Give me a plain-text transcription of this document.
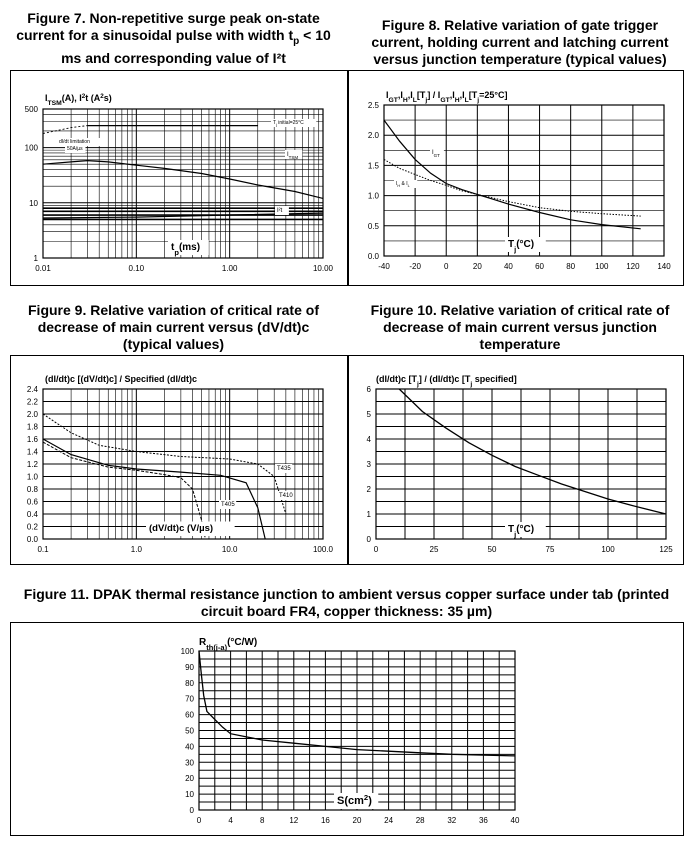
Figure 7. Non-repetitive surge peak on-state
current for a sinusoidal pulse with width $t_p < 10$
ms and corresponding value of I²t
Figure 8. Relative variation of gate trigger
current, holding current and latching current
versus junction temperature (typical values)
Figure 9. Relative variation of critical rate of
decrease of main current versus (dV/dt)c
(typical values)
Figure 10. Relative variation of critical rate of
decrease of main current versus junction
temperature
Figure 11. DPAK thermal resistance junction to ambient versus copper surface under tab (printed
circuit board FR4, copper thickness: 35 µm)
0.01	0.10	1.00	10.00
1
10
100
500
$I_{TSM}(A)$, $I^2t$ $(A^2s)$
$t_p(ms)$
$T_j$ initial=25°C
dI/dt limitation
50A/µs
$I_{TSM}$
I²t
-40 -20	0	20	40	60	80 100 120 140
0.0
0.5
1.0
1.5
2.0
2.5
$I_{GT},I_H,I_L[T_j] / I_{GT},I_H,I_L[T_j=25^\circ C]$
$T_j(^\circ C)$
$I_{GT}$
$I_H$ & $I_L$
0.1	1.0	10.0	100.0
0.0
0.2
0.4
0.6
0.8
1.0
1.2
1.4
1.6
1.8
2.0
2.2
2.4
(dI/dt)c [(dV/dt)c] / Specified (dI/dt)c
(dV/dt)c (V/µs)
T435
T410
T405
0	25	50	75	100	125
0
1
2
3
4
5
6
(dI/dt)c $[T_j] / (dI/dt)c$ [$T_j$ specified]
$T_j(^\circ C)$
0	4	8	12	16	20	24	28	32	36	40
0
10
20
30
40
50
60
70
80
90
100
$R_{th(j-a)}(^\circ C/W)$
$S(cm^2)$
